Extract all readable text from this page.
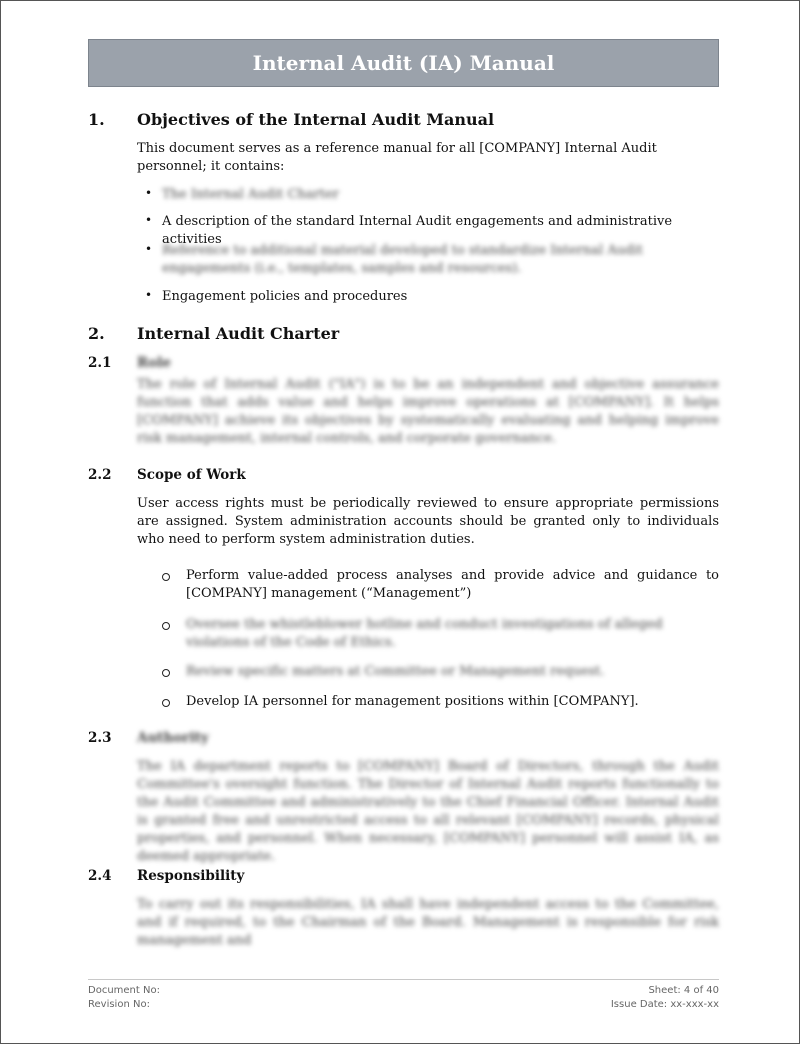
Internal Audit (IA) Manual
1. Objectives of the Internal Audit Manual
This document serves as a reference manual for all [COMPANY] Internal Audit personnel; it contains:
• The Internal Audit Charter
• A description of the standard Internal Audit engagements and administrative activities
• Reference to additional material developed to standardize Internal Audit engagements (i.e., templates, samples and resources).
• Engagement policies and procedures
2. Internal Audit Charter
2.1 Role
The role of Internal Audit ("IA") is to be an independent and objective assurance function that adds value and helps improve operations at [COMPANY]. It helps [COMPANY] achieve its objectives by systematically evaluating and helping improve risk management, internal controls, and corporate governance.
2.2 Scope of Work
User access rights must be periodically reviewed to ensure appropriate permissions are assigned. System administration accounts should be granted only to individuals who need to perform system administration duties.
Perform value-added process analyses and provide advice and guidance to [COMPANY] management (“Management”)
Oversee the whistleblower hotline and conduct investigations of alleged violations of the Code of Ethics.
Review specific matters at Committee or Management request.
Develop IA personnel for management positions within [COMPANY].
2.3 Authority
The IA department reports to [COMPANY] Board of Directors, through the Audit Committee's oversight function. The Director of Internal Audit reports functionally to the Audit Committee and administratively to the Chief Financial Officer. Internal Audit is granted free and unrestricted access to all relevant [COMPANY] records, physical properties, and personnel. When necessary, [COMPANY] personnel will assist IA, as deemed appropriate.
2.4 Responsibility
To carry out its responsibilities, IA shall have independent access to the Committee, and if required, to the Chairman of the Board. Management is responsible for risk management and
Document No:
Revision No:
Sheet: 4 of 40
Issue Date: xx-xxx-xx
